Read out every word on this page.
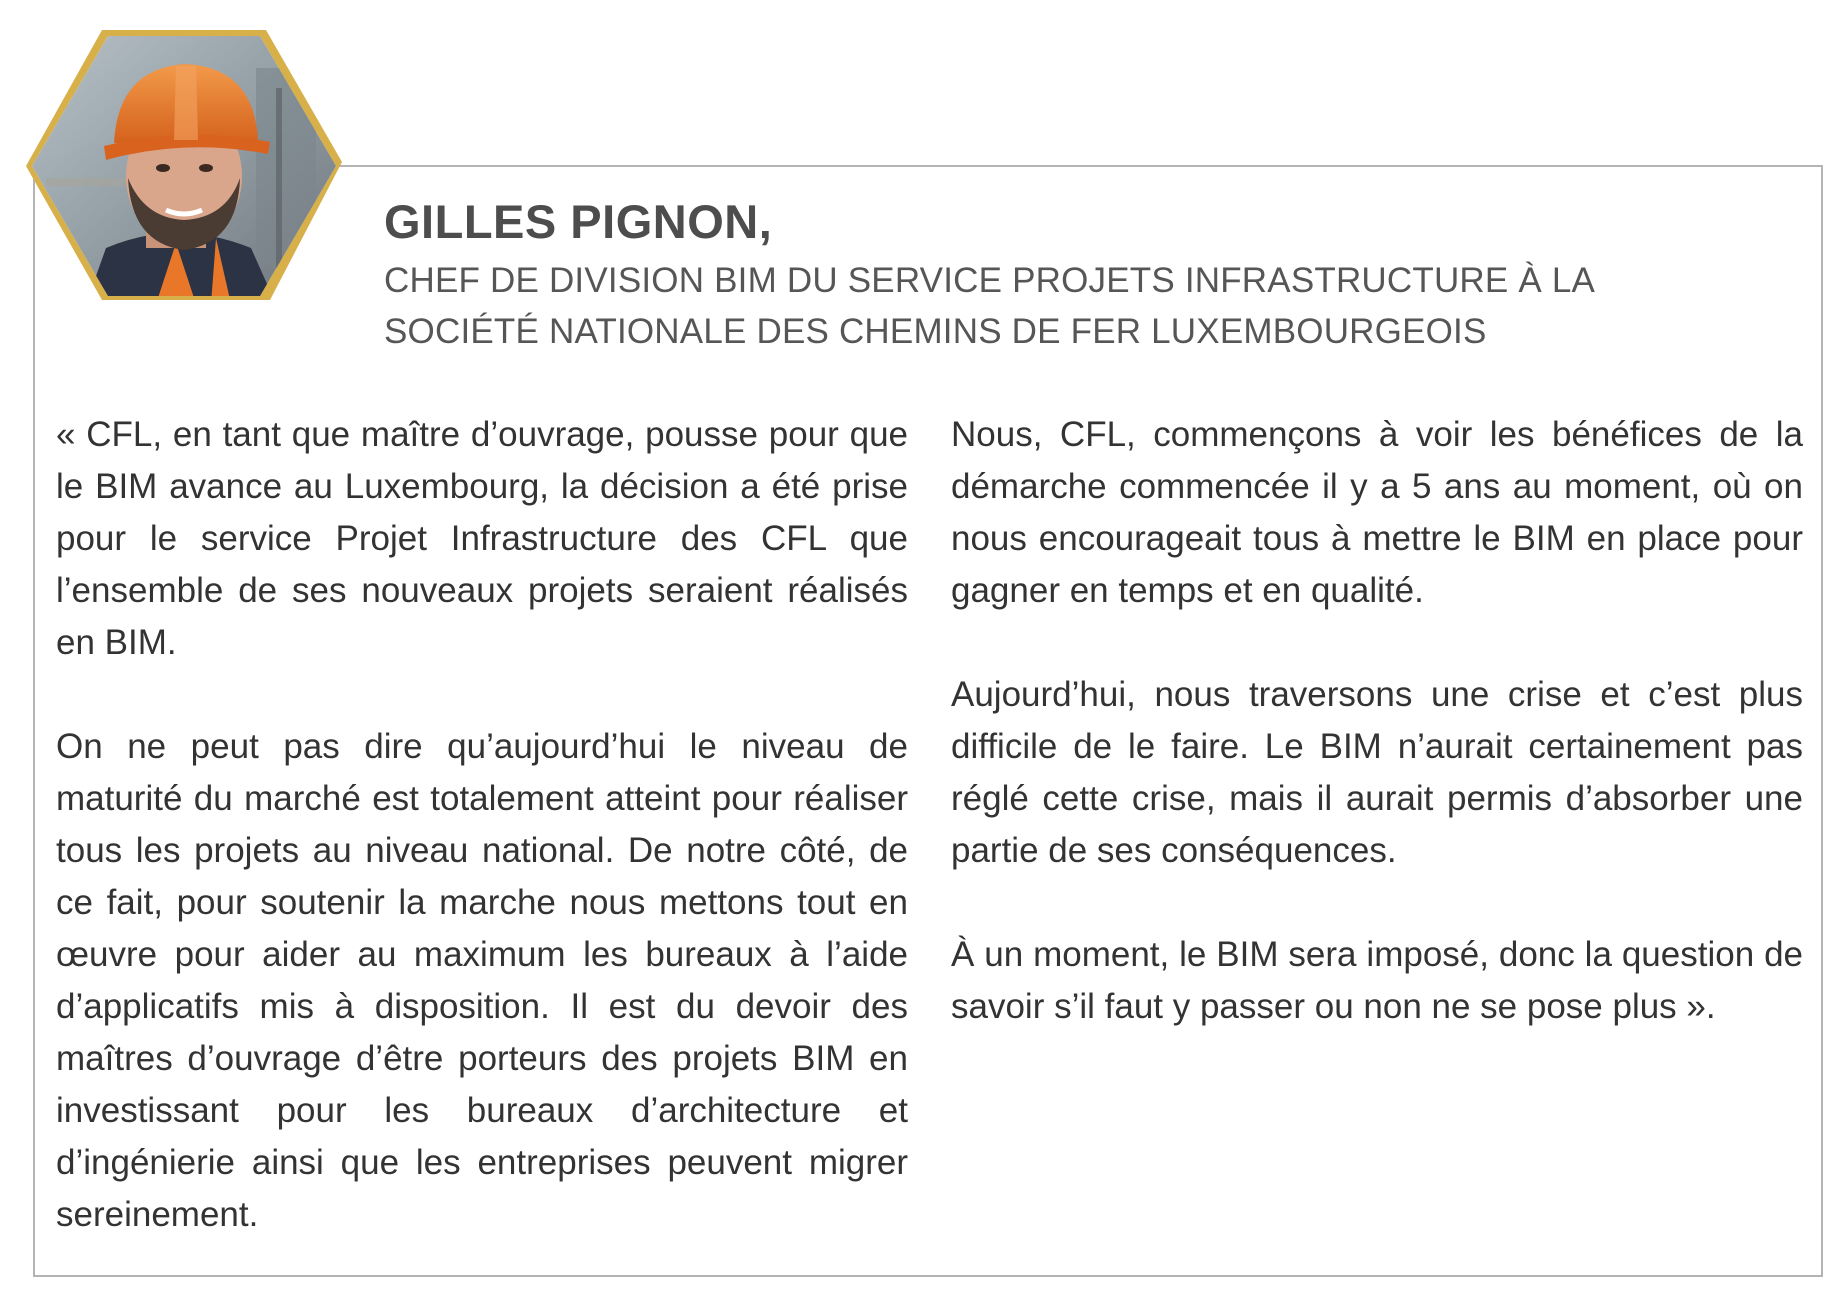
GILLES PIGNON,

CHEF DE DIVISION BIM DU SERVICE PROJETS INFRASTRUCTURE À LA SOCIÉTÉ NATIONALE DES CHEMINS DE FER LUXEMBOURGEOIS

« CFL, en tant que maître d’ouvrage, pousse pour que le BIM avance au Luxembourg, la décision a été prise pour le service Projet Infrastructure des CFL que l’ensemble de ses nouveaux projets seraient réalisés en BIM.

On ne peut pas dire qu’aujourd’hui le niveau de maturité du marché est totalement atteint pour réaliser tous les projets au niveau national. De notre côté, de ce fait, pour soutenir la marche nous mettons tout en œuvre pour aider au maximum les bureaux à l’aide d’applicatifs mis à disposition. Il est du devoir des maîtres d’ouvrage d’être porteurs des projets BIM en investissant pour les bureaux d’architecture et d’ingénierie ainsi que les entreprises peuvent migrer sereinement.

Nous, CFL, commençons à voir les bénéfices de la démarche commencée il y a 5 ans au moment, où on nous encourageait tous à mettre le BIM en place pour gagner en temps et en qualité.

Aujourd’hui, nous traversons une crise et c’est plus difficile de le faire. Le BIM n’aurait certainement pas réglé cette crise, mais il aurait permis d’absorber une partie de ses conséquences.

À un moment, le BIM sera imposé, donc la question de savoir s’il faut y passer ou non ne se pose plus ».
